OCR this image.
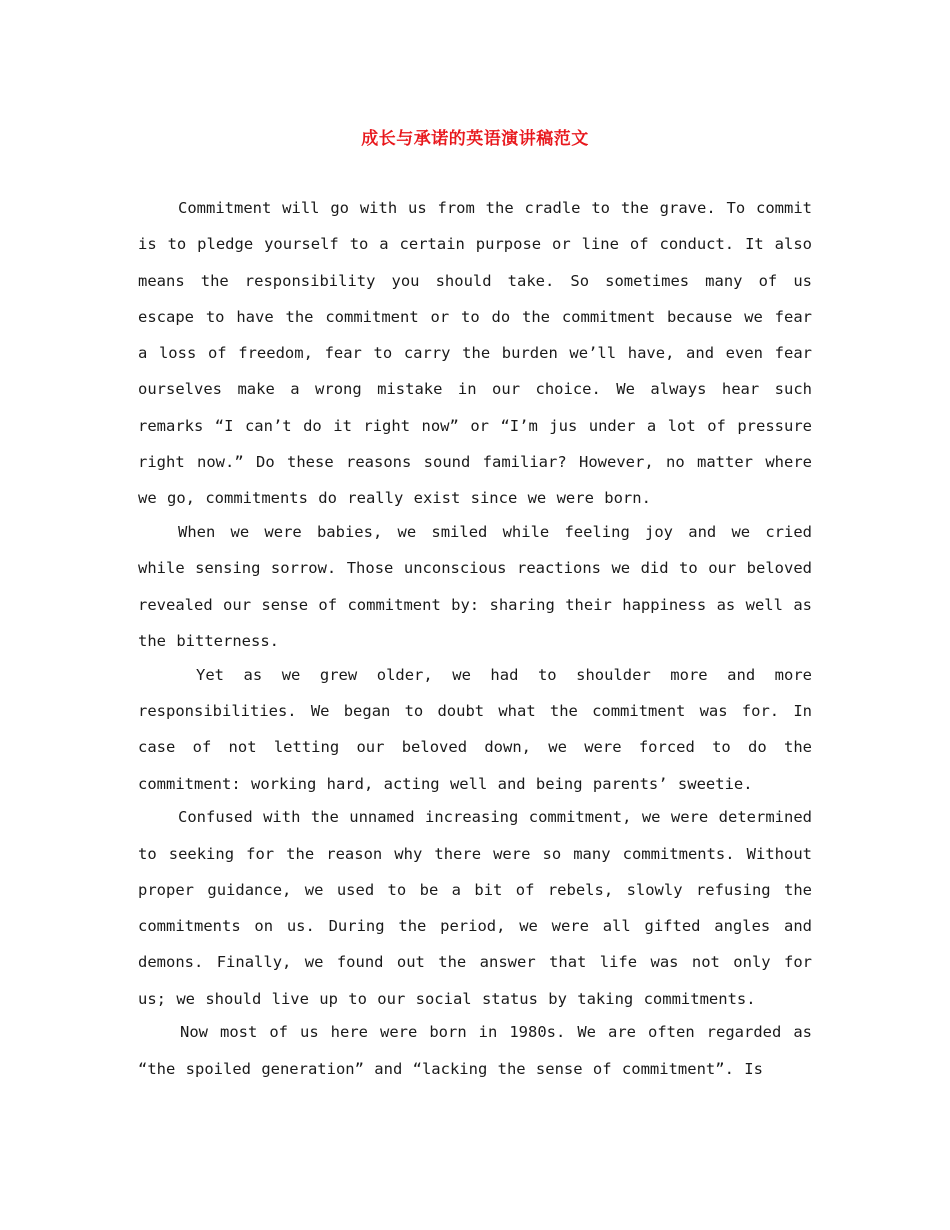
成长与承诺的英语演讲稿范文

Commitment will go with us from the cradle to the grave. To commit is to pledge yourself to a certain purpose or line of conduct. It also means the responsibility you should take. So sometimes many of us escape to have the commitment or to do the commitment because we fear a loss of freedom, fear to carry the burden we’ll have, and even fear ourselves make a wrong mistake in our choice. We always hear such remarks “I can’t do it right now” or “I’m jus under a lot of pressure right now.” Do these reasons sound familiar? However, no matter where we go, commitments do really exist since we were born.

When we were babies, we smiled while feeling joy and we cried while sensing sorrow. Those unconscious reactions we did to our beloved revealed our sense of commitment by: sharing their happiness as well as the bitterness.

Yet as we grew older, we had to shoulder more and more responsibilities. We began to doubt what the commitment was for. In case of not letting our beloved down, we were forced to do the commitment: working hard, acting well and being parents’ sweetie.

Confused with the unnamed increasing commitment, we were determined to seeking for the reason why there were so many commitments. Without proper guidance, we used to be a bit of rebels, slowly refusing the commitments on us. During the period, we were all gifted angles and demons. Finally, we found out the answer that life was not only for us; we should live up to our social status by taking commitments.

Now most of us here were born in 1980s. We are often regarded as “the spoiled generation” and “lacking the sense of commitment”. Is
